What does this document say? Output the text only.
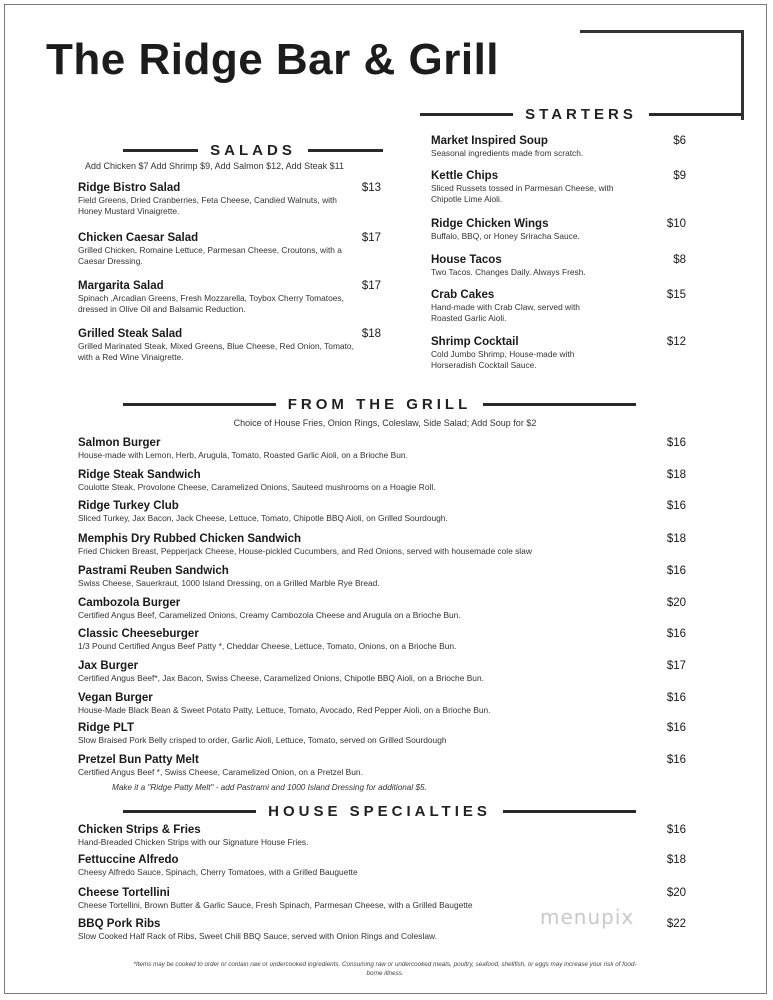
The Ridge Bar & Grill
STARTERS
Market Inspired Soup	$6
Seasonal ingredients made from scratch.
Kettle Chips	$9
Sliced Russets tossed in Parmesan Cheese, with Chipotle Lime Aioli.
Ridge Chicken Wings	$10
Buffalo, BBQ, or Honey Sriracha Sauce.
House Tacos	$8
Two Tacos. Changes Daily. Always Fresh.
Crab Cakes	$15
Hand-made with Crab Claw, served with Roasted Garlic Aioli.
Shrimp Cocktail	$12
Cold Jumbo Shrimp, House-made with Horseradish Cocktail Sauce.
SALADS
Add Chicken $7 Add Shrimp $9, Add Salmon $12, Add Steak $11
Ridge Bistro Salad	$13
Field Greens, Dried Cranberries, Feta Cheese, Candied Walnuts, with Honey Mustard Vinaigrette.
Chicken Caesar Salad	$17
Grilled Chicken, Romaine Lettuce, Parmesan Cheese, Croutons, with a Caesar Dressing.
Margarita Salad	$17
Spinach ,Arcadian Greens, Fresh Mozzarella, Toybox Cherry Tomatoes, dressed in Olive Oil and Balsamic Reduction.
Grilled Steak Salad	$18
Grilled Marinated Steak, Mixed Greens, Blue Cheese, Red Onion, Tomato, with a Red Wine Vinaigrette.
FROM THE GRILL
Choice of House Fries, Onion Rings, Coleslaw, Side Salad; Add Soup for $2
Salmon Burger	$16
House-made with Lemon, Herb, Arugula, Tomato, Roasted Garlic Aioli, on a Brioche Bun.
Ridge Steak Sandwich	$18
Coulotte Steak, Provolone Cheese, Caramelized Onions, Sauteed mushrooms on a Hoagie Roll.
Ridge Turkey Club	$16
Sliced Turkey, Jax Bacon, Jack Cheese, Lettuce, Tomato, Chipotle BBQ Aioli, on Grilled Sourdough.
Memphis Dry Rubbed Chicken Sandwich	$18
Fried Chicken Breast, Pepperjack Cheese, House-pickled Cucumbers, and Red Onions, served with housemade cole slaw
Pastrami Reuben Sandwich	$16
Swiss Cheese, Sauerkraut, 1000 Island Dressing, on a Grilled Marble Rye Bread.
Cambozola Burger	$20
Certified Angus Beef, Caramelized Onions, Creamy Cambozola Cheese and Arugula on a Brioche Bun.
Classic Cheeseburger	$16
1/3 Pound Certified Angus Beef Patty *, Cheddar Cheese, Lettuce, Tomato, Onions, on a Brioche Bun.
Jax Burger	$17
Certified Angus Beef*, Jax Bacon, Swiss Cheese, Caramelized Onions, Chipotle BBQ Aioli, on a Brioche Bun.
Vegan Burger	$16
House-Made Black Bean & Sweet Potato Patty, Lettuce, Tomato, Avocado, Red Pepper Aioli, on a Brioche Bun.
Ridge PLT	$16
Slow Braised Pork Belly crisped to order, Garlic Aioli, Lettuce, Tomato, served on Grilled Sourdough
Pretzel Bun Patty Melt	$16
Certified Angus Beef *, Swiss Cheese, Caramelized Onion, on a Pretzel Bun.
Make it a "Ridge Patty Melt" - add Pastrami and 1000 Island Dressing for additional $5.
HOUSE SPECIALTIES
Chicken Strips & Fries	$16
Hand-Breaded Chicken Strips with our Signature House Fries.
Fettuccine Alfredo	$18
Cheesy Alfredo Sauce, Spinach, Cherry Tomatoes, with a Grilled Bauguette
Cheese Tortellini	$20
Cheese Tortellini, Brown Butter & Garlic Sauce, Fresh Spinach, Parmesan Cheese, with a Grilled Baugette
BBQ Pork Ribs	$22
Slow Cooked Half Rack of Ribs, Sweet Chili BBQ Sauce, served with Onion Rings and Coleslaw.
*Items may be cooked to order or contain raw or undercooked ingredients. Consuming raw or undercooked meats, poultry, seafood, shellfish, or eggs may increase your risk of food-borne illness.
menupix
